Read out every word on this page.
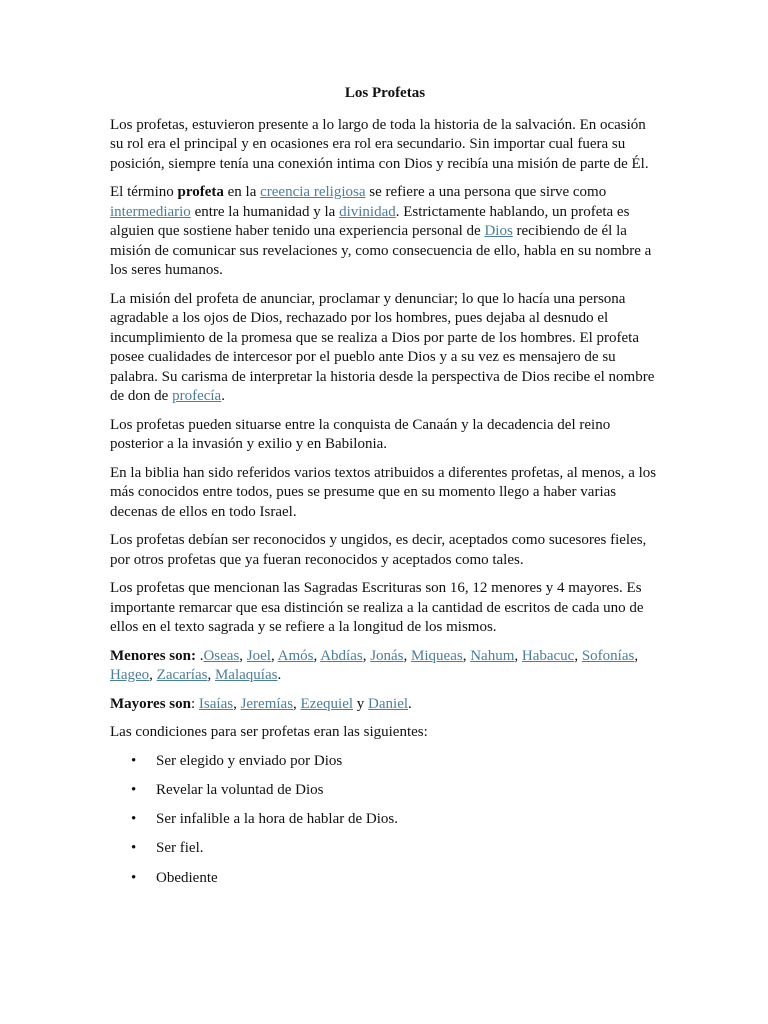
Los Profetas

Los profetas, estuvieron presente a lo largo de toda la historia de la salvación. En ocasión su rol era el principal y en ocasiones era rol era secundario. Sin importar cual fuera su posición, siempre tenía una conexión intima con Dios y recibía una misión de parte de Él.

El término profeta en la creencia religiosa se refiere a una persona que sirve como intermediario entre la humanidad y la divinidad. Estrictamente hablando, un profeta es alguien que sostiene haber tenido una experiencia personal de Dios recibiendo de él la misión de comunicar sus revelaciones y, como consecuencia de ello, habla en su nombre a los seres humanos.

La misión del profeta de anunciar, proclamar y denunciar; lo que lo hacía una persona agradable a los ojos de Dios, rechazado por los hombres, pues dejaba al desnudo el incumplimiento de la promesa que se realiza a Dios por parte de los hombres. El profeta posee cualidades de intercesor por el pueblo ante Dios y a su vez es mensajero de su palabra. Su carisma de interpretar la historia desde la perspectiva de Dios recibe el nombre de don de profecía.

Los profetas pueden situarse entre la conquista de Canaán y la decadencia del reino posterior a la invasión y exilio y en Babilonia.

En la biblia han sido referidos varios textos atribuidos a diferentes profetas, al menos, a los más conocidos entre todos, pues se presume que en su momento llego a haber varias decenas de ellos en todo Israel.

Los profetas debían ser reconocidos y ungidos, es decir, aceptados como sucesores fieles, por otros profetas que ya fueran reconocidos y aceptados como tales.

Los profetas que mencionan las Sagradas Escrituras son 16, 12 menores y 4 mayores. Es importante remarcar que esa distinción se realiza a la cantidad de escritos de cada uno de ellos en el texto sagrada y se refiere a la longitud de los mismos.

Menores son: .Oseas, Joel, Amós, Abdías, Jonás, Miqueas, Nahum, Habacuc, Sofonías, Hageo, Zacarías, Malaquías.

Mayores son: Isaías, Jeremías, Ezequiel y Daniel.

Las condiciones para ser profetas eran las siguientes:

• Ser elegido y enviado por Dios
• Revelar la voluntad de Dios
• Ser infalible a la hora de hablar de Dios.
• Ser fiel.
• Obediente
